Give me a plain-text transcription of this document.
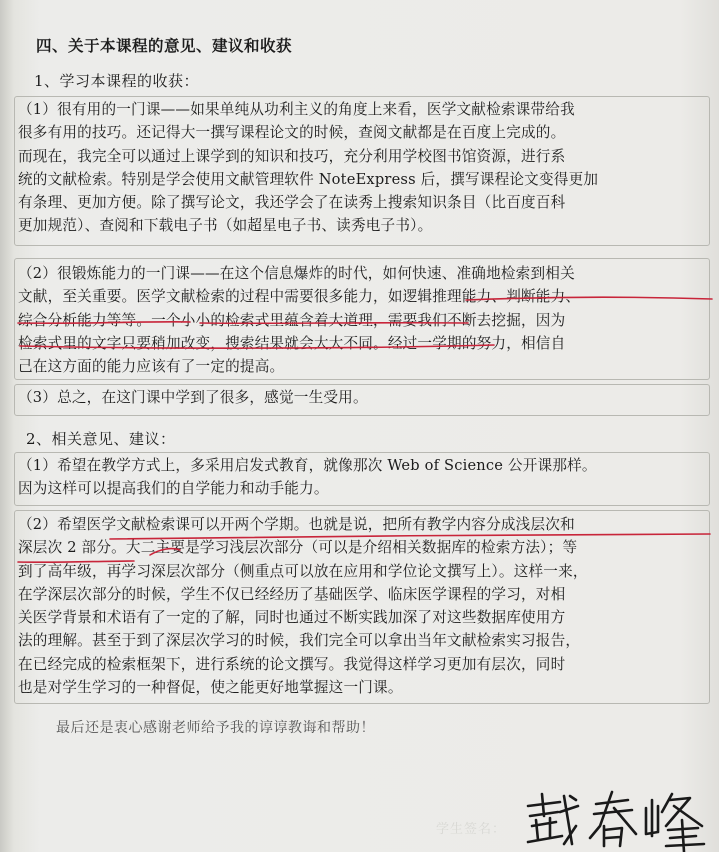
四、关于本课程的意见、建议和收获
1、学习本课程的收获：
（1）很有用的一门课——如果单纯从功利主义的角度上来看，医学文献检索课带给我
很多有用的技巧。还记得大一撰写课程论文的时候，查阅文献都是在百度上完成的。
而现在，我完全可以通过上课学到的知识和技巧，充分利用学校图书馆资源，进行系
统的文献检索。特别是学会使用文献管理软件 NoteExpress 后，撰写课程论文变得更加
有条理、更加方便。除了撰写论文，我还学会了在读秀上搜索知识条目（比百度百科
更加规范）、查阅和下载电子书（如超星电子书、读秀电子书）。
（2）很锻炼能力的一门课——在这个信息爆炸的时代，如何快速、准确地检索到相关
文献，至关重要。医学文献检索的过程中需要很多能力，如逻辑推理能力、判断能力、
综合分析能力等等。一个小小的检索式里蕴含着大道理，需要我们不断去挖掘，因为
检索式里的文字只要稍加改变，搜索结果就会大大不同。经过一学期的努力，相信自
己在这方面的能力应该有了一定的提高。
（3）总之，在这门课中学到了很多，感觉一生受用。
2、相关意见、建议：
（1）希望在教学方式上，多采用启发式教育，就像那次 Web of Science 公开课那样。
因为这样可以提高我们的自学能力和动手能力。
（2）希望医学文献检索课可以开两个学期。也就是说，把所有教学内容分成浅层次和
深层次 2 部分。大二主要是学习浅层次部分（可以是介绍相关数据库的检索方法）；等
到了高年级，再学习深层次部分（侧重点可以放在应用和学位论文撰写上）。这样一来，
在学深层次部分的时候，学生不仅已经经历了基础医学、临床医学课程的学习，对相
关医学背景和术语有了一定的了解，同时也通过不断实践加深了对这些数据库使用方
法的理解。甚至于到了深层次学习的时候，我们完全可以拿出当年文献检索实习报告，
在已经完成的检索框架下，进行系统的论文撰写。我觉得这样学习更加有层次，同时
也是对学生学习的一种督促，使之能更好地掌握这一门课。
最后还是衷心感谢老师给予我的谆谆教诲和帮助！
学生签名：
